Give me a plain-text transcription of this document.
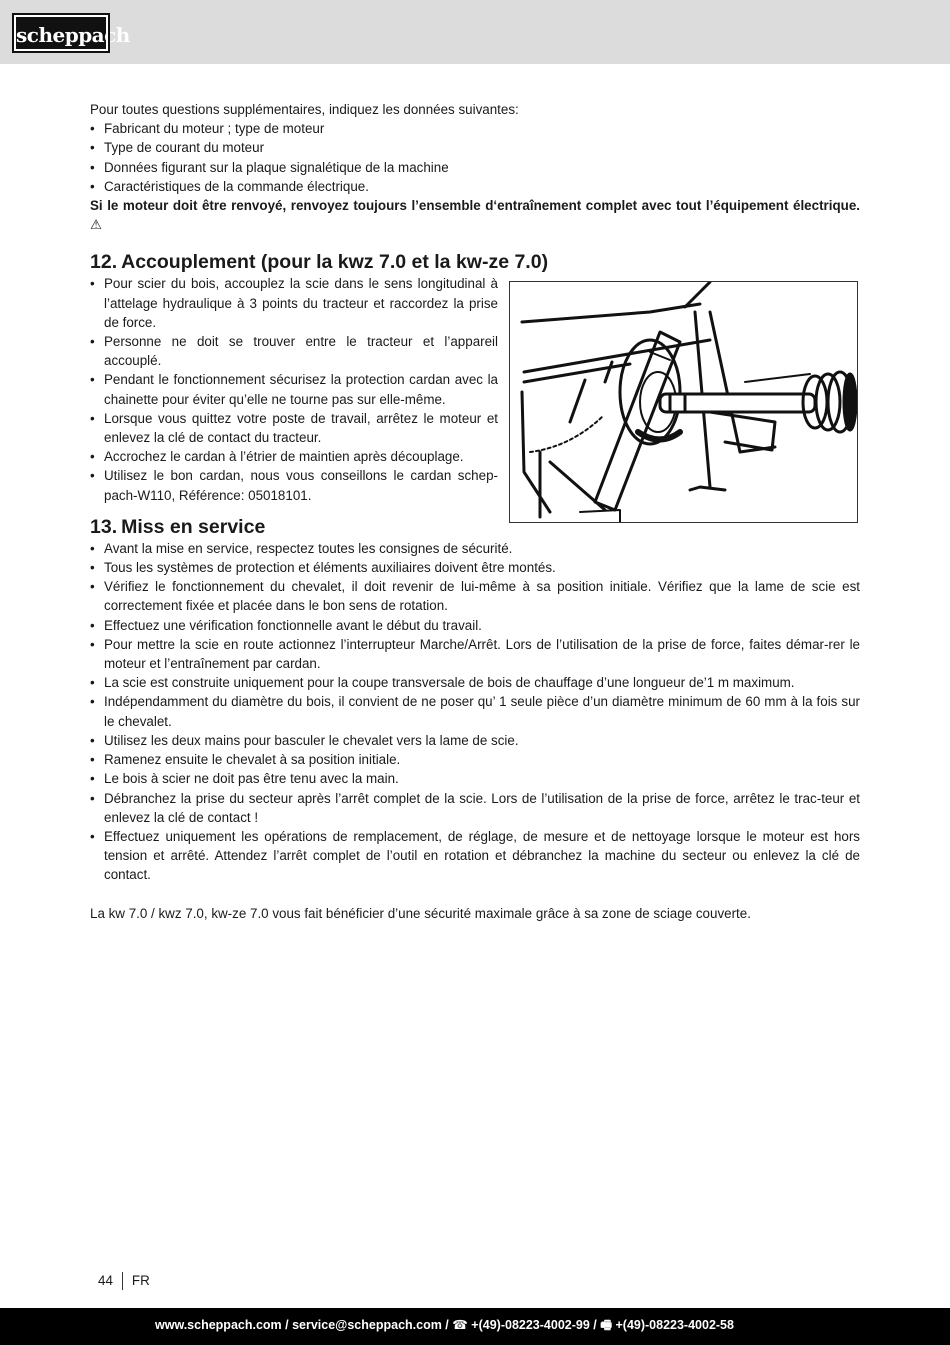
scheppach

Pour toutes questions supplémentaires, indiquez les données suivantes:

• Fabricant du moteur ; type de moteur
• Type de courant du moteur
• Données figurant sur la plaque signalétique de la machine
• Caractéristiques de la commande électrique.

Si le moteur doit être renvoyé, renvoyez toujours l’ensemble d‘entraînement complet avec tout l’équipement électrique. ⚠

12. Accouplement (pour la kwz 7.0 et la kw-ze 7.0)
• Pour scier du bois, accouplez la scie dans le sens longitudinal à l’attelage hydraulique à 3 points du tracteur et raccordez la prise de force.
• Personne ne doit se trouver entre le tracteur et l’appareil accouplé.
• Pendant le fonctionnement sécurisez la protection cardan avec la chainette pour éviter qu’elle ne tourne pas sur elle-même.
• Lorsque vous quittez votre poste de travail, arrêtez le moteur et enlevez la clé de contact du tracteur.
• Accrochez le cardan à l’étrier de maintien après découplage.
• Utilisez le bon cardan, nous vous conseillons le cardan schep-pach-W110, Référence: 05018101.
13. Miss en service
• Avant la mise en service, respectez toutes les consignes de sécurité.
• Tous les systèmes de protection et éléments auxiliaires doivent être montés.
• Vérifiez le fonctionnement du chevalet, il doit revenir de lui-même à sa position initiale. Vérifiez que la lame de scie est correctement fixée et placée dans le bon sens de rotation.
• Effectuez une vérification fonctionnelle avant le début du travail.
• Pour mettre la scie en route actionnez l’interrupteur Marche/Arrêt. Lors de l’utilisation de la prise de force, faites démar-rer le moteur et l’entraînement par cardan.
• La scie est construite uniquement pour la coupe transversale de bois de chauffage d’une longueur de’1 m maximum.
• Indépendamment du diamètre du bois, il convient de ne poser qu’ 1 seule pièce d’un diamètre minimum de 60 mm à la fois sur le chevalet.
• Utilisez les deux mains pour basculer le chevalet vers la lame de scie.
• Ramenez ensuite le chevalet à sa position initiale.
• Le bois à scier ne doit pas être tenu avec la main.
• Débranchez la prise du secteur après l’arrêt complet de la scie. Lors de l’utilisation de la prise de force, arrêtez le trac-teur et enlevez la clé de contact !
• Effectuez uniquement les opérations de remplacement, de réglage, de mesure et de nettoyage lorsque le moteur est hors tension et arrêté. Attendez l’arrêt complet de l’outil en rotation et débranchez la machine du secteur ou enlevez la clé de contact.

La kw 7.0 / kwz 7.0, kw-ze 7.0 vous fait bénéficier d’une sécurité maximale grâce à sa zone de sciage couverte.

44 FR
www.scheppach.com / service@scheppach.com / ☎ +(49)-08223-4002-99 / 🖷 +(49)-08223-4002-58
